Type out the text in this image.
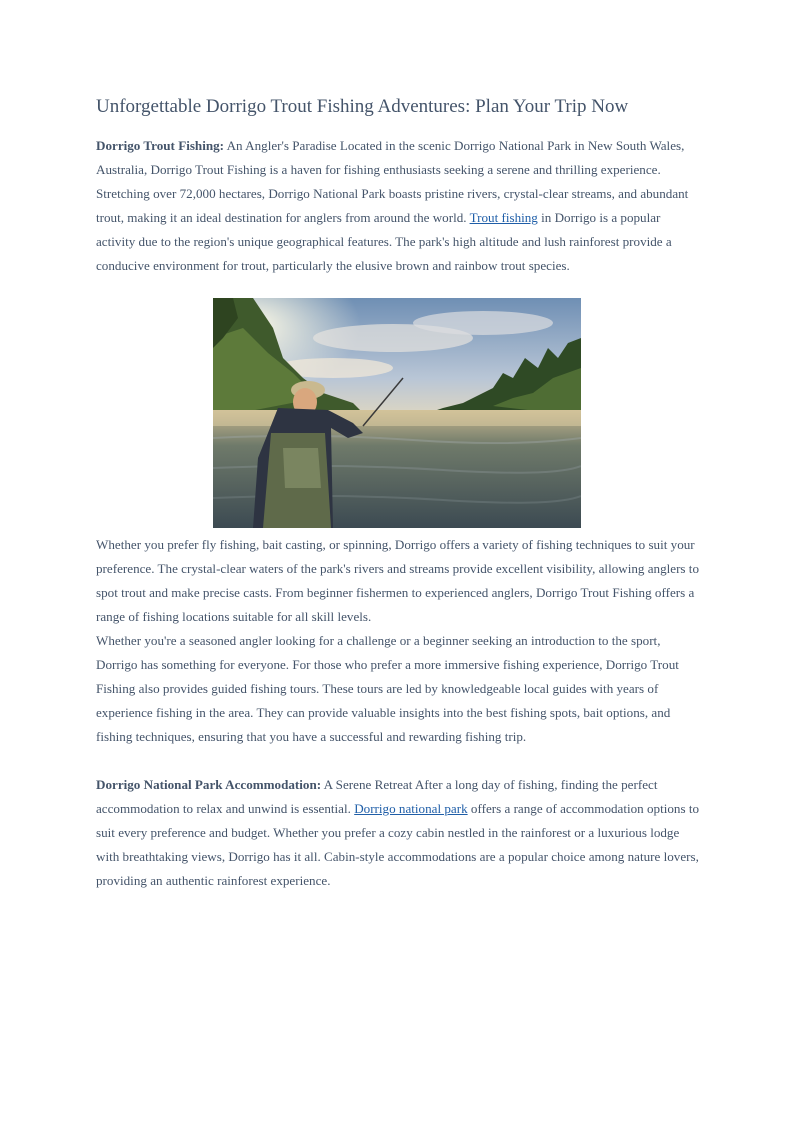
Unforgettable Dorrigo Trout Fishing Adventures: Plan Your Trip Now

Dorrigo Trout Fishing: An Angler's Paradise Located in the scenic Dorrigo National Park in New South Wales, Australia, Dorrigo Trout Fishing is a haven for fishing enthusiasts seeking a serene and thrilling experience. Stretching over 72,000 hectares, Dorrigo National Park boasts pristine rivers, crystal-clear streams, and abundant trout, making it an ideal destination for anglers from around the world. Trout fishing in Dorrigo is a popular activity due to the region's unique geographical features. The park's high altitude and lush rainforest provide a conducive environment for trout, particularly the elusive brown and rainbow trout species.

Whether you prefer fly fishing, bait casting, or spinning, Dorrigo offers a variety of fishing techniques to suit your preference. The crystal-clear waters of the park's rivers and streams provide excellent visibility, allowing anglers to spot trout and make precise casts. From beginner fishermen to experienced anglers, Dorrigo Trout Fishing offers a range of fishing locations suitable for all skill levels.
Whether you're a seasoned angler looking for a challenge or a beginner seeking an introduction to the sport, Dorrigo has something for everyone. For those who prefer a more immersive fishing experience, Dorrigo Trout Fishing also provides guided fishing tours. These tours are led by knowledgeable local guides with years of experience fishing in the area. They can provide valuable insights into the best fishing spots, bait options, and fishing techniques, ensuring that you have a successful and rewarding fishing trip.

Dorrigo National Park Accommodation: A Serene Retreat After a long day of fishing, finding the perfect accommodation to relax and unwind is essential. Dorrigo national park offers a range of accommodation options to suit every preference and budget. Whether you prefer a cozy cabin nestled in the rainforest or a luxurious lodge with breathtaking views, Dorrigo has it all. Cabin-style accommodations are a popular choice among nature lovers, providing an authentic rainforest experience.
